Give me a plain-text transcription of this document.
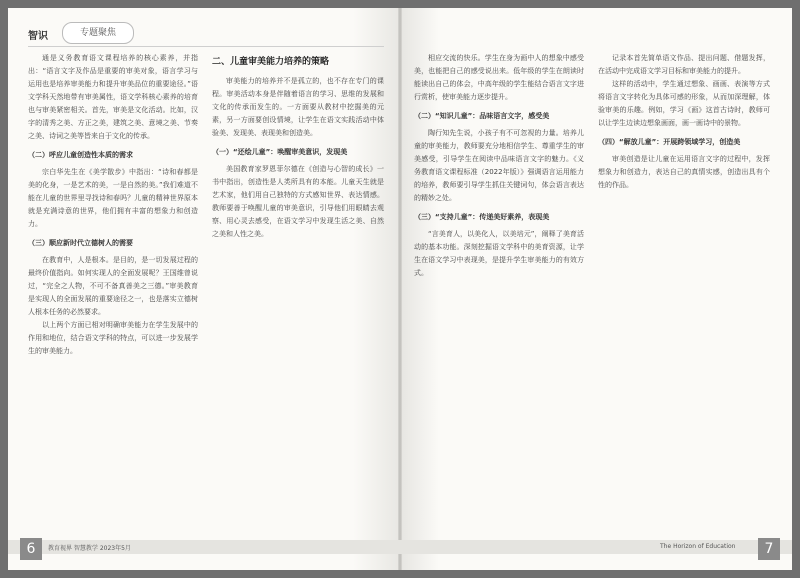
智识	专题聚焦

通是义务教育语文课程培养的核心素养，并指出：“语言文字及作品是重要的审美对象，语言学习与运用也是培养审美能力和提升审美品位的重要途径。”语文学科天然地带有审美属性，语文学科核心素养的培育也与审美紧密相关。首先，审美是文化活动。比如，汉字的清秀之美、方正之美，建筑之美、意境之美、节奏之美、诗词之美等皆来自于文化的传承。

（二）呼应儿童创造性本质的需求

宗白华先生在《美学散步》中指出：“诗和春都是美的化身，一是艺术的美，一是自然的美。”我们难道不能在儿童的世界里寻找诗和春吗？儿童的精神世界原本就是充满诗意的世界，他们拥有丰富的想象力和创造力。

（三）顺应新时代立德树人的需要

在教育中，人是根本。是目的，是一切发展过程的最终价值指向。如何实现人的全面发展呢？王国维曾说过，“完全之人物，不可不备真善美之三德。”审美教育是实现人的全面发展的重要途径之一，也是落实立德树人根本任务的必然要求。

以上两个方面已相对明确审美能力在学生发展中的作用和地位，结合语文学科的特点，可以进一步发展学生的审美能力。

二、儿童审美能力培养的策略

审美能力的培养并不是孤立的，也不存在专门的课程。审美活动本身是伴随着语言的学习、思维的发展和文化的传承而发生的。一方面要从教材中挖掘美的元素，另一方面要创设情境，让学生在语文实践活动中体验美、发现美、表现美和创造美。

（一）“还绘儿童”：唤醒审美意识，发现美

美国教育家罗恩菲尔德在《创造与心智的成长》一书中指出，创造性是人类所具有的本能。儿童天生就是艺术家，他们用自己独特的方式感知世界、表达情感。教师要善于唤醒儿童的审美意识，引导他们用眼睛去观察、用心灵去感受，在语文学习中发现生活之美、自然之美和人性之美。

相应交流的快乐。学生在身为画中人的想象中感受美，也能把自己的感受说出来。低年级的学生在朗读时能读出自己的体会，中高年级的学生能结合语言文字进行赏析，使审美能力逐步提升。

（二）“知识儿童”：品味语言文字，感受美

陶行知先生说，小孩子有不可忽视的力量。培养儿童的审美能力，教师要充分地相信学生、尊重学生的审美感受，引导学生在阅读中品味语言文字的魅力。《义务教育语文课程标准（2022年版）》强调语言运用能力的培养，教师要引导学生抓住关键词句，体会语言表达的精妙之处。

（三）“支持儿童”：传递美好素养，表现美

“言美育人，以美化人，以美培元”，阐释了美育活动的基本功能。深刻挖掘语文学科中的美育资源，让学生在语文学习中表现美，是提升学生审美能力的有效方式。

记录本首先简单语文作品、提出问题、借题发挥，在活动中完成语文学习目标和审美能力的提升。

这样的活动中，学生通过想象、画画、表演等方式将语言文字转化为具体可感的形象，从而加深理解，体验审美的乐趣。例如，学习《画》这首古诗时，教师可以让学生边读边想象画面，画一画诗中的景物。

（四）“解放儿童”：开展跨领域学习，创造美

审美创造是让儿童在运用语言文字的过程中，发挥想象力和创造力，表达自己的真情实感，创造出具有个性的作品。

6	教育视界 智慧教学 2023年5月	The Horizon of Education	7
